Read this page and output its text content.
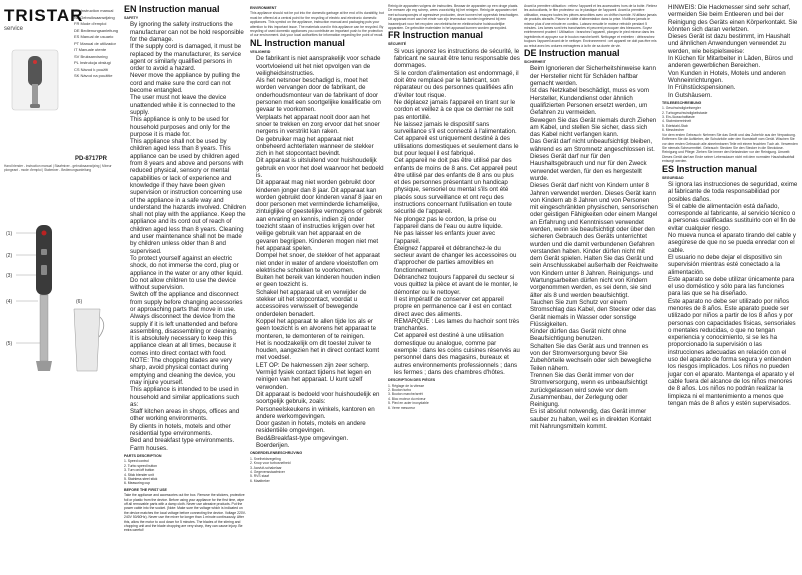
TRISTAR
service
EN Instruction manual
NL Gebruiksaanwijzing
FR Mode d'emploi
DE Bedienungsanleitung
ES Manual de usuario
PT Manual de utilizador
IT Manuale utente
SV Bruksanvisning
PL Instrukcja obsługi
CS Návod k použití
SK Návod na použitie
PD-8717PR
Hand blender - instruction manual | Staafmixer - gebruiksaanwijzing | Mixeur plongeant - mode d'emploi | Stabmixer - Bedienungsanleitung
(1)
(2)
(3)
(4)
(5)
(6)
EN Instruction manual
SAFETY
• By ignoring the safety instructions the manufacturer can not be hold responsible for the damage.
• If the supply cord is damaged, it must be replaced by the manufacturer, its service agent or similarly qualified persons in order to avoid a hazard.
• Never move the appliance by pulling the cord and make sure the cord can not become entangled.
• The user must not leave the device unattended while it is connected to the supply.
• This appliance is only to be used for household purposes and only for the purpose it is made for.
• This appliance shall not be used by children aged less than 8 years. This appliance can be used by children aged from 8 years and above and persons with reduced physical, sensory or mental capabilities or lack of experience and knowledge if they have been given supervision or instruction concerning use of the appliance in a safe way and understand the hazards involved. Children shall not play with the appliance. Keep the appliance and its cord out of reach of children aged less than 8 years. Cleaning and user maintenance shall not be made by children unless older than 8 and supervised.
• To protect yourself against an electric shock, do not immerse the cord, plug or appliance in the water or any other liquid.
• Do not allow children to use the device without supervision.
• Switch off the appliance and disconnect from supply before changing accessories or approaching parts that move in use.
• Always disconnect the device from the supply if it is left unattended and before assembling, disassembling or cleaning.
• It is absolutely necessary to keep this appliance clean at all times, because it comes into direct contact with food.
• NOTE: The chopping blades are very sharp, avoid physical contact during emptying and cleaning the device, you may injure yourself.
• This appliance is intended to be used in household and similar applications such as:
• Staff kitchen areas in shops, offices and other working environments.
• By clients in hotels, motels and other residential type environments.
• Bed and breakfast type environments.
• Farm houses.
PARTS DESCRIPTION

1. Speed control

2. Turbo speed button

3. Turn on/off button

4. Stick blender unit

5. Stainless steel stick

6. Measuring cup

BEFORE THE FIRST USE

Take the appliance and accessories out the box. Remove the stickers, protective foil or plastic from the device. Before using your appliance for the first time, wipe off all removable parts with a damp cloth. Never use abrasive products. Put the power cable into the socket. (Note: Make sure the voltage which is indicated on the device matches the local voltage before connecting the device. Voltage 220V-240V 50/60Hz). Never use the mixer for longer than 1 minute continuously. After this, allow the motor to cool down for 5 minutes. The blades of the stirring and chopping unit and the blade chopping are very sharp, they can cause injury. Be extra careful!

ENVIRONMENT

This appliance should not be put into the domestic garbage at the end of its durability, but must be offered at a central point for the recycling of electric and electronic domestic appliances. This symbol on the appliance, instruction manual and packaging puts your attention to this important issue. The materials used in this appliance can be recycled. By recycling of used domestic appliances you contribute an important push to the protection of our environment. Ask your local authorities for information regarding the point of recall.

NL Instruction manual
VEILIGHEID
• De fabrikant is niet aansprakelijk voor schade voortvloeiend uit het niet opvolgen van de veiligheidsinstructies.
• Als het netsnoer beschadigd is, moet het worden vervangen door de fabrikant, de onderhoudsmonteur van de fabrikant of door personen met een soortgelijke kwalificatie om gevaar te voorkomen.
• Verplaats het apparaat nooit door aan het snoer te trekken en zorg ervoor dat het snoer nergens in verstrikt kan raken.
• De gebruiker mag het apparaat niet onbeheerd achterlaten wanneer de stekker zich in het stopcontact bevindt.
• Dit apparaat is uitsluitend voor huishoudelijk gebruik en voor het doel waarvoor het bedoeld is.
• Dit apparaat mag niet worden gebruikt door kinderen jonger dan 8 jaar. Dit apparaat kan worden gebruikt door kinderen vanaf 8 jaar en door personen met verminderde lichamelijke, zintuiglijke of geestelijke vermogens of gebrek aan ervaring en kennis, indien zij onder toezicht staan of instructies krijgen over het veilige gebruik van het apparaat en de gevaren begrijpen. Kinderen mogen niet met het apparaat spelen.
• Dompel het snoer, de stekker of het apparaat niet onder in water of andere vloeistoffen om elektrische schokken te voorkomen.
• Buiten het bereik van kinderen houden indien er geen toezicht is.
• Schakel het apparaat uit en verwijder de stekker uit het stopcontact, voordat u accessoires verwisselt of bewegende onderdelen benadert.
• Koppel het apparaat te allen tijde los als er geen toezicht is en alvorens het apparaat te monteren, te demonteren of te reinigen.
• Het is noodzakelijk om dit toestel zuiver te houden, aangezien het in direct contact komt met voedsel.
• LET OP: De hakmessen zijn zeer scherp. Vermijd fysiek contact tijdens het legen en reinigen van het apparaat. U kunt uzelf verwonden.
• Dit apparaat is bedoeld voor huishoudelijk en soortgelijk gebruik, zoals:
• Personeelskeukens in winkels, kantoren en andere werkomgevingen.
• Door gasten in hotels, motels en andere residentiële omgevingen.
• Bed&Breakfast-type omgevingen.
• Boerderijen.
ONDERDELENBESCHRIJVING

1. Snelheidsregeling

2. Knop voor turbosnelheid

3. Aan/uit-schakelaar

4. Gegevensstaafmixer

5. RVS staaf

6. Maatbeker

Reinig de apparaten volgens de instructies. Bewaar de apparaten op een droge plaats. De messen zijn erg scherp, wees voorzichtig bij het reinigen. Reinig de apparaten niet met schuursponsjes of agressieve producten, deze kunnen het oppervlak beschadigen. Dit apparaat moet aan het einde van zijn levensduur worden ingeleverd bij een inzamelpunt voor het recyclen van elektrische en elektronische huishoudelijke apparaten. De gebruikte materialen in het apparaat kunnen worden gerecycled.

FR Instruction manual
SÉCURITÉ
• Si vous ignorez les instructions de sécurité, le fabricant ne saurait être tenu responsable des dommages.
• Si le cordon d'alimentation est endommagé, il doit être remplacé par le fabricant, son réparateur ou des personnes qualifiées afin d'éviter tout risque.
• Ne déplacez jamais l'appareil en tirant sur le cordon et veillez à ce que ce dernier ne soit pas entortillé.
• Ne laissez jamais le dispositif sans surveillance s'il est connecté à l'alimentation.
• Cet appareil est uniquement destiné à des utilisations domestiques et seulement dans le but pour lequel il est fabriqué.
• Cet appareil ne doit pas être utilisé par des enfants de moins de 8 ans. Cet appareil peut être utilisé par des enfants de 8 ans ou plus et des personnes présentant un handicap physique, sensoriel ou mental s'ils ont été placés sous surveillance et ont reçu des instructions concernant l'utilisation en toute sécurité de l'appareil.
• Ne plongez pas le cordon, la prise ou l'appareil dans de l'eau ou autre liquide.
• Ne pas laisser les enfants jouer avec l'appareil.
• Éteignez l'appareil et débranchez-le du secteur avant de changer les accessoires ou d'approcher de parties amovibles en fonctionnement.
• Débranchez toujours l'appareil du secteur si vous quittez la pièce et avant de le monter, le démonter ou le nettoyer.
• Il est impératif de conserver cet appareil propre en permanence car il est en contact direct avec des aliments.
• REMARQUE : Les lames du hachoir sont très tranchantes.
• Cet appareil est destiné à une utilisation domestique ou analogue, comme par exemple : dans les coins cuisines réservés au personnel dans des magasins, bureaux et autres environnements professionnels ; dans les fermes ; dans des chambres d'hôtes.
DESCRIPTION DES PIÈCES

1. Réglage de la vitesse

2. Bouton turbo

3. Bouton marche/arrêt

4. Bloc moteur du mixeur

5. Pied en acier inoxydable

6. Verre mesureur

Avant la première utilisation : retirez l'appareil et les accessoires hors de la boîte. Retirez les autocollants, le film protecteur ou le plastique de l'appareil. Avant la première utilisation, essuyez toutes les pièces amovibles avec un chiffon humide. N'utilisez jamais de produits abrasifs. Placez le câble d'alimentation dans la prise. N'utilisez jamais le mixeur plus d'une minute en continu. Laissez ensuite le moteur refroidir pendant 5 minutes. Les lames sont très tranchantes et peuvent provoquer des blessures. Soyez extrêmement prudent ! Utilisation : branchez l'appareil, plongez le pied mixeur dans les ingrédients et appuyez sur le bouton marche/arrêt. Nettoyage et entretien : débranchez toujours l'appareil avant de le nettoyer. Environnement : cet appareil ne doit pas être mis au rebut avec les ordures ménagères à la fin de sa durée de vie.

DE Instruction manual
SICHERHEIT
• Beim Ignorieren der Sicherheitshinweise kann der Hersteller nicht für Schäden haftbar gemacht werden.
• Ist das Netzkabel beschädigt, muss es vom Hersteller, Kundendienst oder ähnlich qualifizierten Personen ersetzt werden, um Gefahren zu vermeiden.
• Bewegen Sie das Gerät niemals durch Ziehen am Kabel, und stellen Sie sicher, dass sich das Kabel nicht verfangen kann.
• Das Gerät darf nicht unbeaufsichtigt bleiben, während es am Stromnetz angeschlossen ist.
• Dieses Gerät darf nur für den Haushaltsgebrauch und nur für den Zweck verwendet werden, für den es hergestellt wurde.
• Dieses Gerät darf nicht von Kindern unter 8 Jahren verwendet werden. Dieses Gerät kann von Kindern ab 8 Jahren und von Personen mit eingeschränkten physischen, sensorischen oder geistigen Fähigkeiten oder einem Mangel an Erfahrung und Kenntnissen verwendet werden, wenn sie beaufsichtigt oder über den sicheren Gebrauch des Geräts unterrichtet wurden und die damit verbundenen Gefahren verstanden haben. Kinder dürfen nicht mit dem Gerät spielen. Halten Sie das Gerät und sein Anschlusskabel außerhalb der Reichweite von Kindern unter 8 Jahren. Reinigungs- und Wartungsarbeiten dürfen nicht von Kindern vorgenommen werden, es sei denn, sie sind älter als 8 und werden beaufsichtigt.
• Tauchen Sie zum Schutz vor einem Stromschlag das Kabel, den Stecker oder das Gerät niemals in Wasser oder sonstige Flüssigkeiten.
• Kinder dürfen das Gerät nicht ohne Beaufsichtigung benutzen.
• Schalten Sie das Gerät aus und trennen es von der Stromversorgung bevor Sie Zubehörteile wechseln oder sich bewegliche Teilen nähern.
• Trennen Sie das Gerät immer von der Stromversorgung, wenn es unbeaufsichtigt zurückgelassen wird sowie vor dem Zusammenbau, der Zerlegung oder Reinigung.
• Es ist absolut notwendig, das Gerät immer sauber zu halten, weil es in direkten Kontakt mit Nahrungsmitteln kommt.
• HINWEIS: Die Hackmesser sind sehr scharf, vermeiden Sie beim Entleeren und bei der Reinigung des Geräts einen Körperkontakt. Sie könnten sich daran verletzen.
• Dieses Gerät ist dazu bestimmt, im Haushalt und ähnlichen Anwendungen verwendet zu werden, wie beispielsweise:
• In Küchen für Mitarbeiter in Läden, Büros und anderen gewerblichen Bereichen.
• Von Kunden in Hotels, Motels und anderen Wohneinrichtungen.
• In Frühstückspensionen.
• In Gutshäusern.
TEILEBESCHREIBUNG

1. Geschwindigkeitsregler

2. Turbogeschwindigkeitstaste

3. Ein-/Ausschalttaste

4. Stabmixereinheit

5. Edelstahl-Stab

6. Messbecher

Vor dem ersten Gebrauch: Nehmen Sie das Gerät und das Zubehör aus der Verpackung. Entfernen Sie die Aufkleber, die Schutzfolie oder den Kunststoff vom Gerät. Wischen Sie vor dem ersten Gebrauch alle abnehmbaren Teile mit einem feuchten Tuch ab. Verwenden Sie niemals Scheuermittel. Gebrauch: Stecken Sie den Stecker in die Steckdose. Reinigung und Pflege: Ziehen Sie immer den Netzstecker vor der Reinigung. Umwelt: Dieses Gerät darf am Ende seiner Lebensdauer nicht mit dem normalen Haushaltsabfall entsorgt werden.

ES Instruction manual
SEGURIDAD
• Si ignora las instrucciones de seguridad, exime al fabricante de toda responsabilidad por posibles daños.
• Si el cable de alimentación está dañado, corresponde al fabricante, al servicio técnico o a personas cualificadas sustituirlo con el fin de evitar cualquier riesgo.
• No mueva nunca el aparato tirando del cable y asegúrese de que no se pueda enredar con el cable.
• El usuario no debe dejar el dispositivo sin supervisión mientras esté conectado a la alimentación.
• Este aparato se debe utilizar únicamente para el uso doméstico y sólo para las funciones para las que se ha diseñado.
• Este aparato no debe ser utilizado por niños menores de 8 años. Este aparato puede ser utilizado por niños a partir de los 8 años y por personas con capacidades físicas, sensoriales o mentales reducidas, o que no tengan experiencia y conocimiento, si se les ha proporcionado la supervisión o las instrucciones adecuadas en relación con el uso del aparato de forma segura y entienden los riesgos implicados. Los niños no pueden jugar con el aparato. Mantenga el aparato y el cable fuera del alcance de los niños menores de 8 años. Los niños no podrán realizar la limpieza ni el mantenimiento a menos que tengan más de 8 años y estén supervisados.
